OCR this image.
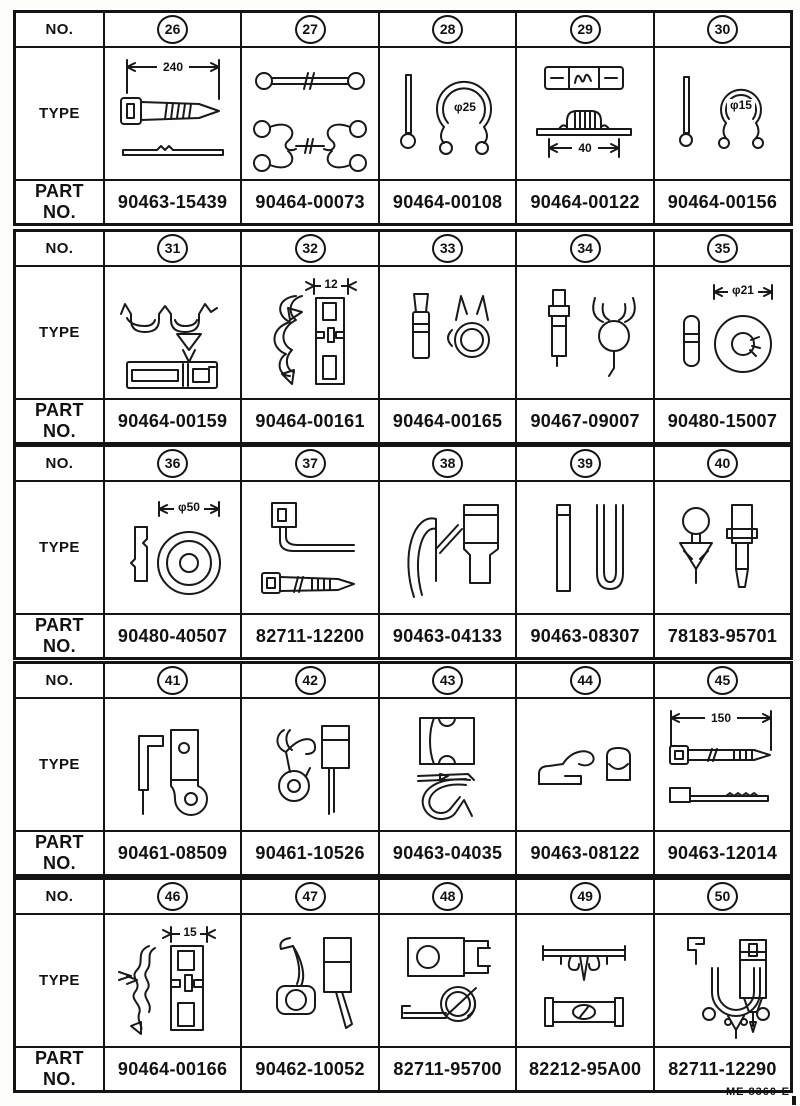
NO.	26	27	28	29	30
TYPE	240		φ25	40	φ15

PART NO.	90463-15439	90464-00073	90464-00108	90464-00122	90464-00156
NO.	31	32	33	34	35
TYPE		12			φ21

PART NO.	90464-00159	90464-00161	90464-00165	90467-09007	90480-15007
NO.	36	37	38	39	40
TYPE	φ50

PART NO.	90480-40507	82711-12200	90463-04133	90463-08307	78183-95701
NO.	41	42	43	44	45
TYPE					150

PART NO.	90461-08509	90461-10526	90463-04035	90463-08122	90463-12014
NO.	46	47	48	49	50
TYPE	15

PART NO.	90464-00166	90462-10052	82711-95700	82212-95A00	82711-12290
ME 8360-E
